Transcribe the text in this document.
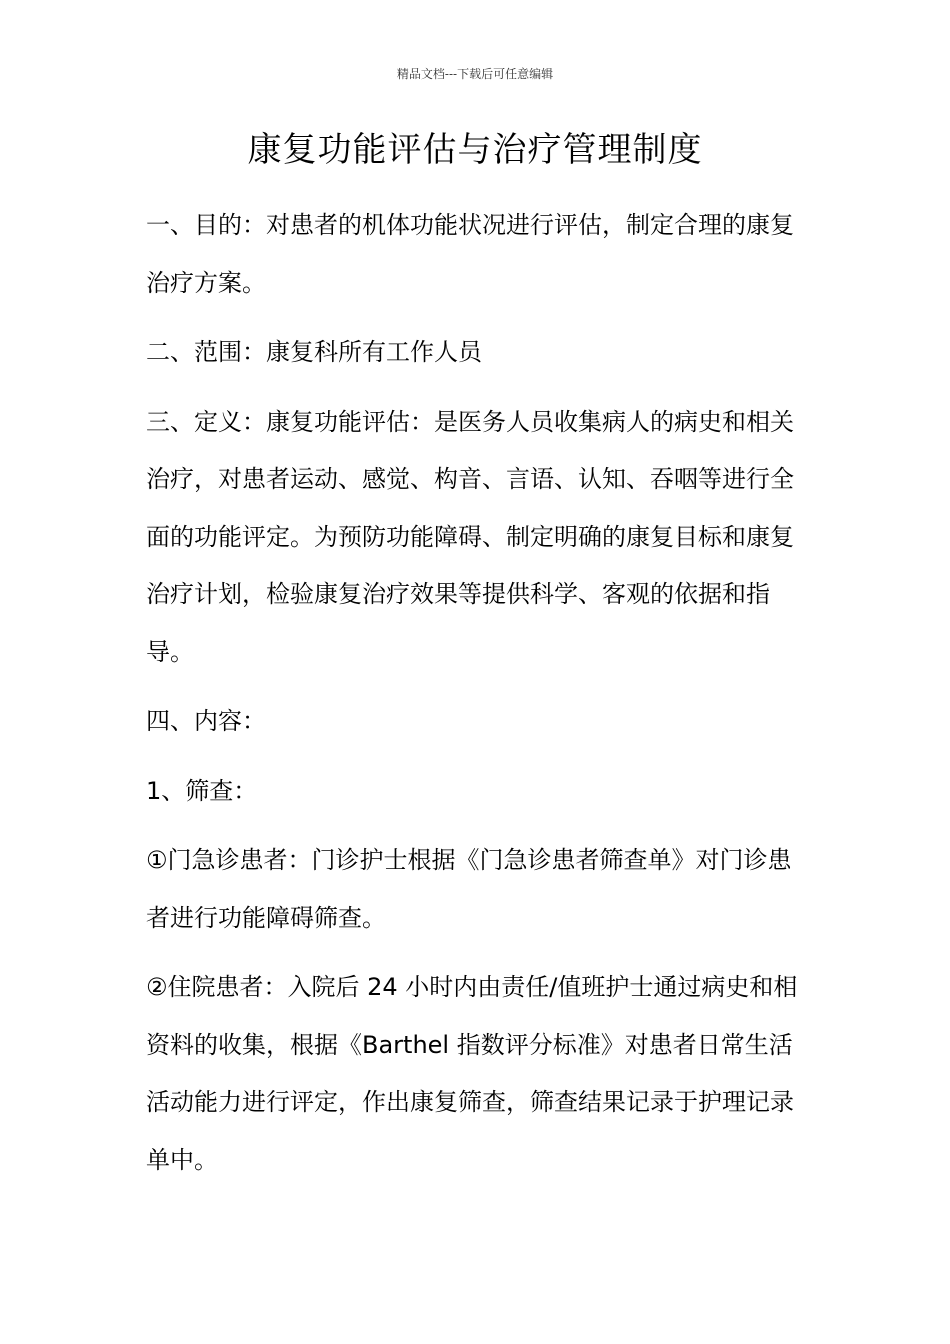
精品文档---下载后可任意编辑
康复功能评估与治疗管理制度

一、目的：对患者的机体功能状况进行评估，制定合理的康复治疗方案。

二、范围：康复科所有工作人员

三、定义：康复功能评估：是医务人员收集病人的病史和相关治疗，对患者运动、感觉、构音、言语、认知、吞咽等进行全面的功能评定。为预防功能障碍、制定明确的康复目标和康复治疗计划，检验康复治疗效果等提供科学、客观的依据和指导。

四、内容：

1、筛查：

①门急诊患者：门诊护士根据《门急诊患者筛查单》对门诊患者进行功能障碍筛查。

②住院患者：入院后 24 小时内由责任/值班护士通过病史和相资料的收集，根据《Barthel 指数评分标准》对患者日常生活活动能力进行评定，作出康复筛查，筛查结果记录于护理记录单中。
